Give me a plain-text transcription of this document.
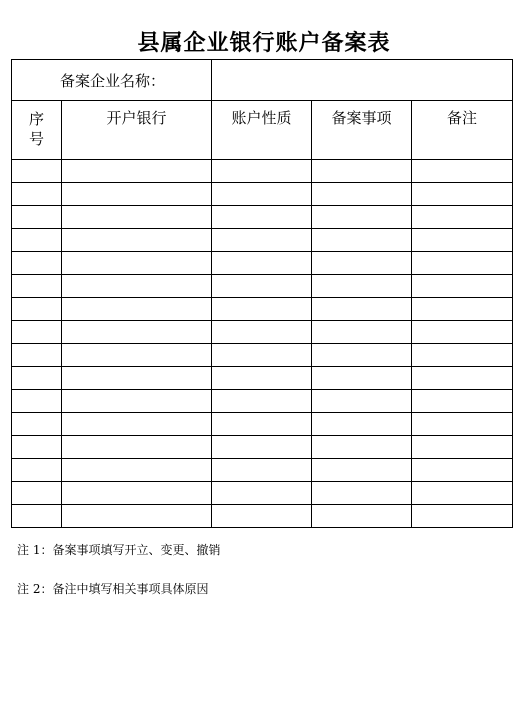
县属企业银行账户备案表
备案企业名称：				
序
号	开户银行	账户性质	备案事项	备注

注 1：备案事项填写开立、变更、撤销
注 2：备注中填写相关事项具体原因
